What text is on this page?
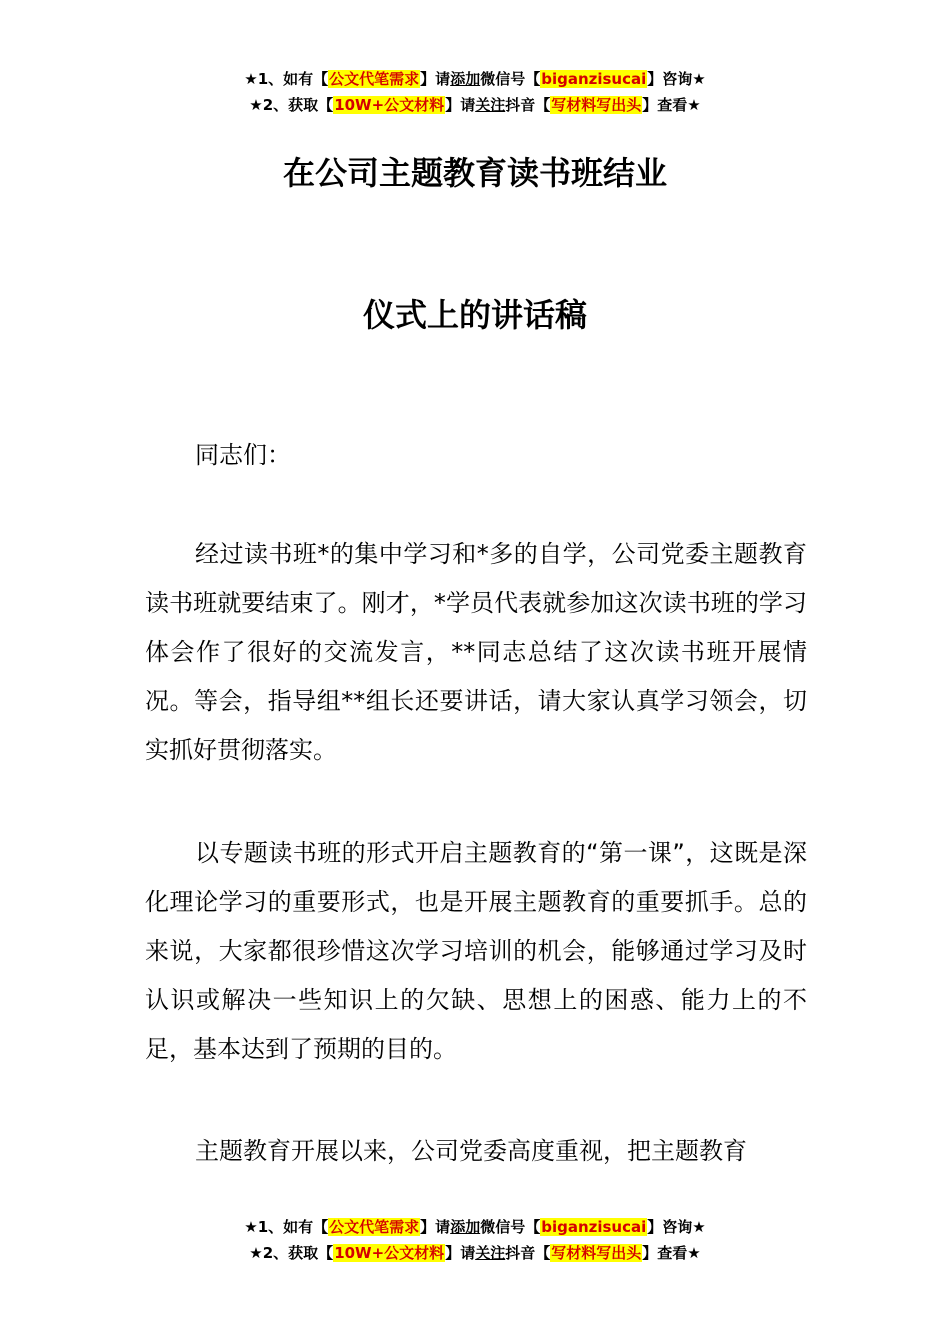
★1、如有【公文代笔需求】请添加微信号【biganzisucai】咨询★
★2、获取【10W+公文材料】请关注抖音【写材料写出头】查看★
在公司主题教育读书班结业
仪式上的讲话稿

同志们：

经过读书班*的集中学习和*多的自学，公司党委主题教育读书班就要结束了。刚才，*学员代表就参加这次读书班的学习体会作了很好的交流发言，**同志总结了这次读书班开展情况。等会，指导组**组长还要讲话，请大家认真学习领会，切实抓好贯彻落实。

以专题读书班的形式开启主题教育的“第一课”，这既是深化理论学习的重要形式，也是开展主题教育的重要抓手。总的来说，大家都很珍惜这次学习培训的机会，能够通过学习及时认识或解决一些知识上的欠缺、思想上的困惑、能力上的不足，基本达到了预期的目的。

主题教育开展以来，公司党委高度重视，把主题教育

★1、如有【公文代笔需求】请添加微信号【biganzisucai】咨询★
★2、获取【10W+公文材料】请关注抖音【写材料写出头】查看★
